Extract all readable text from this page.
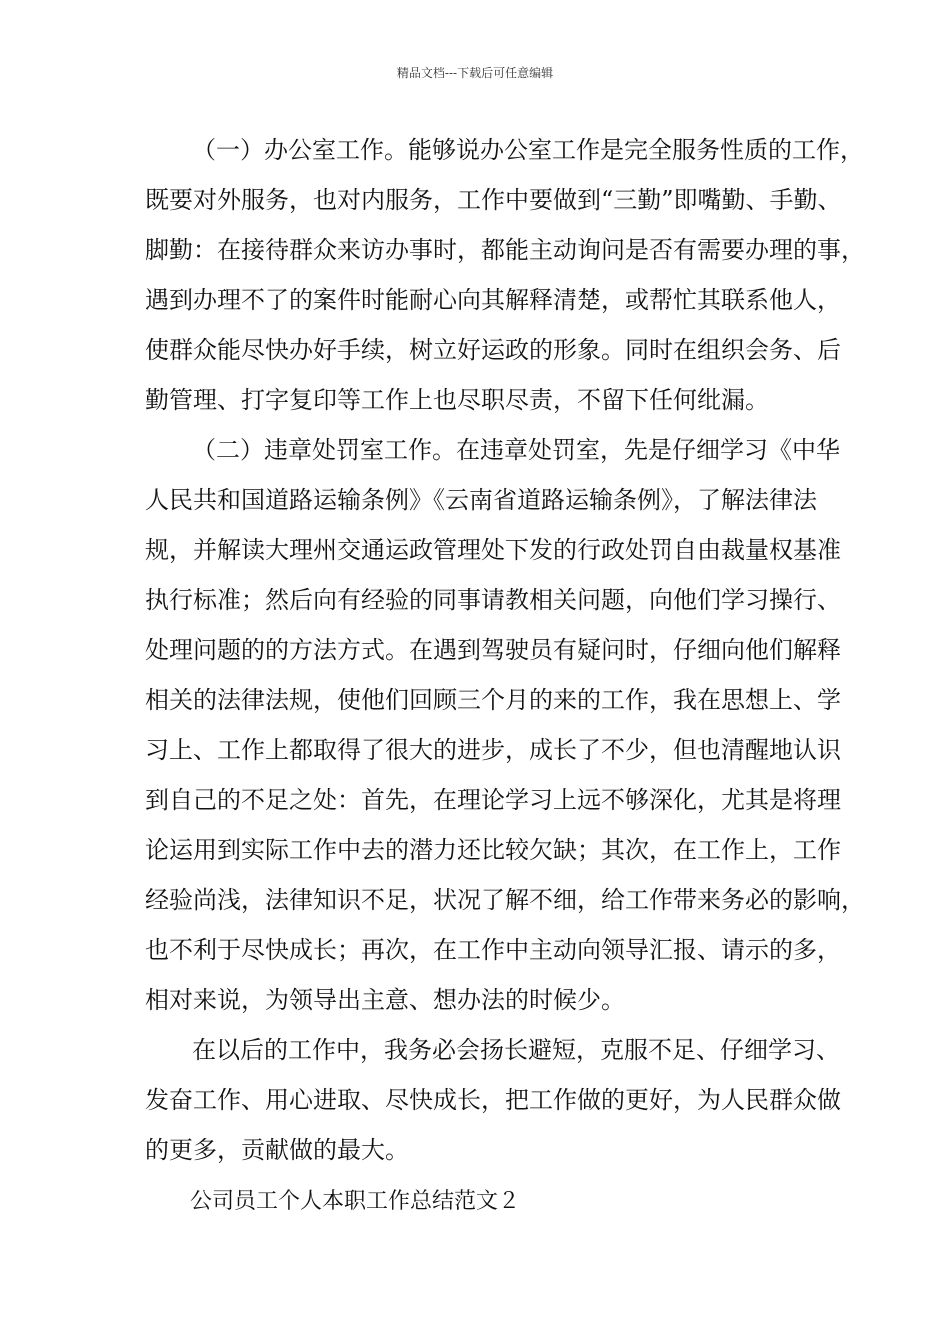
精品文档---下载后可任意编辑
（一）办公室工作。能够说办公室工作是完全服务性质的工作，
既要对外服务，也对内服务，工作中要做到“三勤”即嘴勤、手勤、
脚勤：在接待群众来访办事时，都能主动询问是否有需要办理的事，
遇到办理不了的案件时能耐心向其解释清楚，或帮忙其联系他人，
使群众能尽快办好手续，树立好运政的形象。同时在组织会务、后
勤管理、打字复印等工作上也尽职尽责，不留下任何纰漏。
（二）违章处罚室工作。在违章处罚室，先是仔细学习《中华
人民共和国道路运输条例》《云南省道路运输条例》，了解法律法
规，并解读大理州交通运政管理处下发的行政处罚自由裁量权基准
执行标准；然后向有经验的同事请教相关问题，向他们学习操行、
处理问题的的方法方式。在遇到驾驶员有疑问时，仔细向他们解释
相关的法律法规，使他们回顾三个月的来的工作，我在思想上、学
习上、工作上都取得了很大的进步，成长了不少，但也清醒地认识
到自己的不足之处：首先，在理论学习上远不够深化，尤其是将理
论运用到实际工作中去的潜力还比较欠缺；其次，在工作上，工作
经验尚浅，法律知识不足，状况了解不细，给工作带来务必的影响，
也不利于尽快成长；再次，在工作中主动向领导汇报、请示的多，
相对来说，为领导出主意、想办法的时候少。
在以后的工作中，我务必会扬长避短，克服不足、仔细学习、
发奋工作、用心进取、尽快成长，把工作做的更好，为人民群众做
的更多，贡献做的最大。
公司员工个人本职工作总结范文２
